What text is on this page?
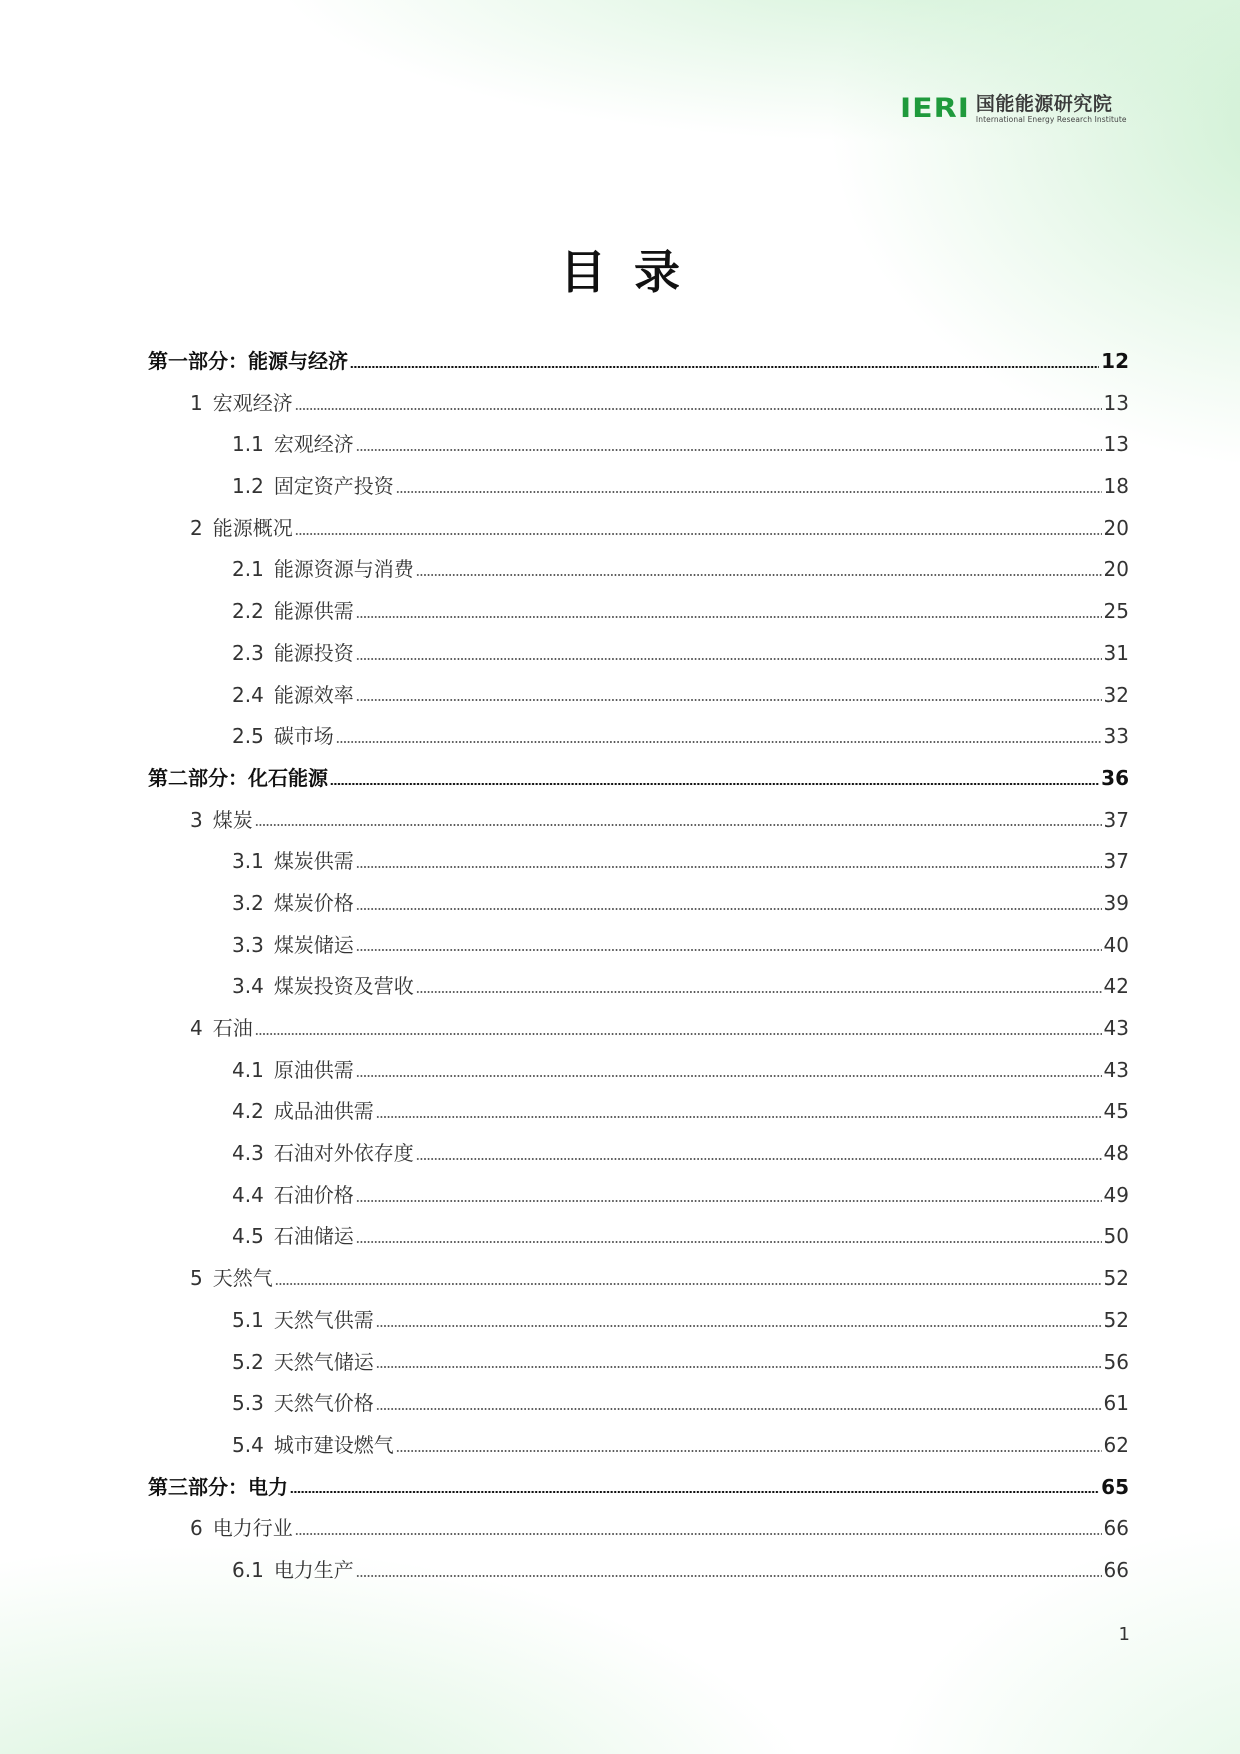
IERI 国能能源研究院
International Energy Research Institute
目录
第一部分：能源与经济	12
1 宏观经济	13
1.1 宏观经济	13
1.2 固定资产投资	18
2 能源概况	20
2.1 能源资源与消费	20
2.2 能源供需	25
2.3 能源投资	31
2.4 能源效率	32
2.5 碳市场	33
第二部分：化石能源	36
3 煤炭	37
3.1 煤炭供需	37
3.2 煤炭价格	39
3.3 煤炭储运	40
3.4 煤炭投资及营收	42
4 石油	43
4.1 原油供需	43
4.2 成品油供需	45
4.3 石油对外依存度	48
4.4 石油价格	49
4.5 石油储运	50
5 天然气	52
5.1 天然气供需	52
5.2 天然气储运	56
5.3 天然气价格	61
5.4 城市建设燃气	62
第三部分：电力	65
6 电力行业	66
6.1 电力生产	66
1
